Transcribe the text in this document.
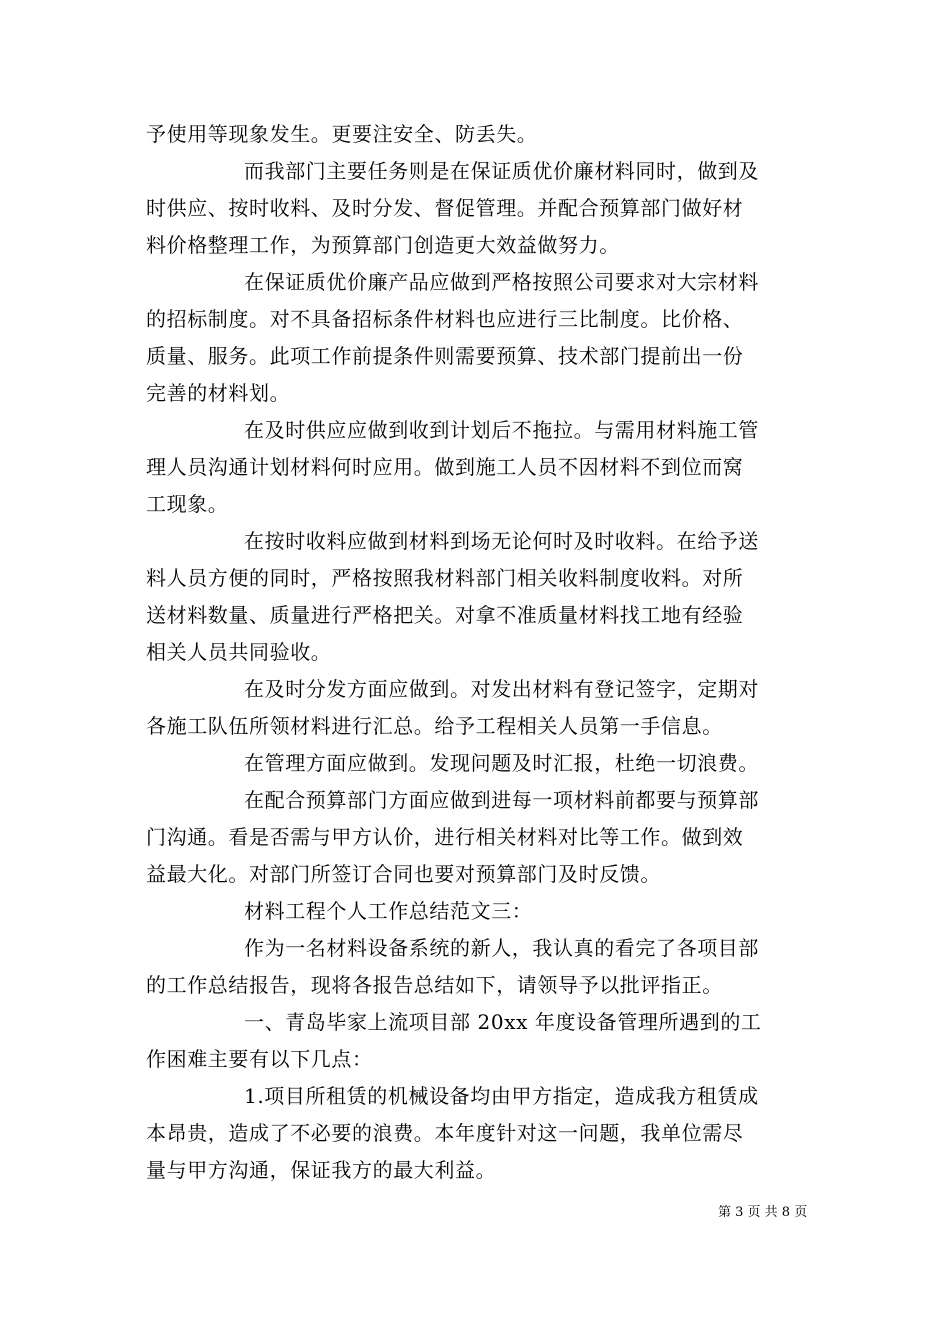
予使用等现象发生。更要注安全、防丢失。
而我部门主要任务则是在保证质优价廉材料同时，做到及
时供应、按时收料、及时分发、督促管理。并配合预算部门做好材
料价格整理工作，为预算部门创造更大效益做努力。
在保证质优价廉产品应做到严格按照公司要求对大宗材料
的招标制度。对不具备招标条件材料也应进行三比制度。比价格、
质量、服务。此项工作前提条件则需要预算、技术部门提前出一份
完善的材料划。
在及时供应应做到收到计划后不拖拉。与需用材料施工管
理人员沟通计划材料何时应用。做到施工人员不因材料不到位而窝
工现象。
在按时收料应做到材料到场无论何时及时收料。在给予送
料人员方便的同时，严格按照我材料部门相关收料制度收料。对所
送材料数量、质量进行严格把关。对拿不准质量材料找工地有经验
相关人员共同验收。
在及时分发方面应做到。对发出材料有登记签字，定期对
各施工队伍所领材料进行汇总。给予工程相关人员第一手信息。
在管理方面应做到。发现问题及时汇报，杜绝一切浪费。
在配合预算部门方面应做到进每一项材料前都要与预算部
门沟通。看是否需与甲方认价，进行相关材料对比等工作。做到效
益最大化。对部门所签订合同也要对预算部门及时反馈。
材料工程个人工作总结范文三：
作为一名材料设备系统的新人，我认真的看完了各项目部
的工作总结报告，现将各报告总结如下，请领导予以批评指正。
一、青岛毕家上流项目部 20xx 年度设备管理所遇到的工
作困难主要有以下几点：
1.项目所租赁的机械设备均由甲方指定，造成我方租赁成
本昂贵，造成了不必要的浪费。本年度针对这一问题，我单位需尽
量与甲方沟通，保证我方的最大利益。
第 3 页 共 8 页
